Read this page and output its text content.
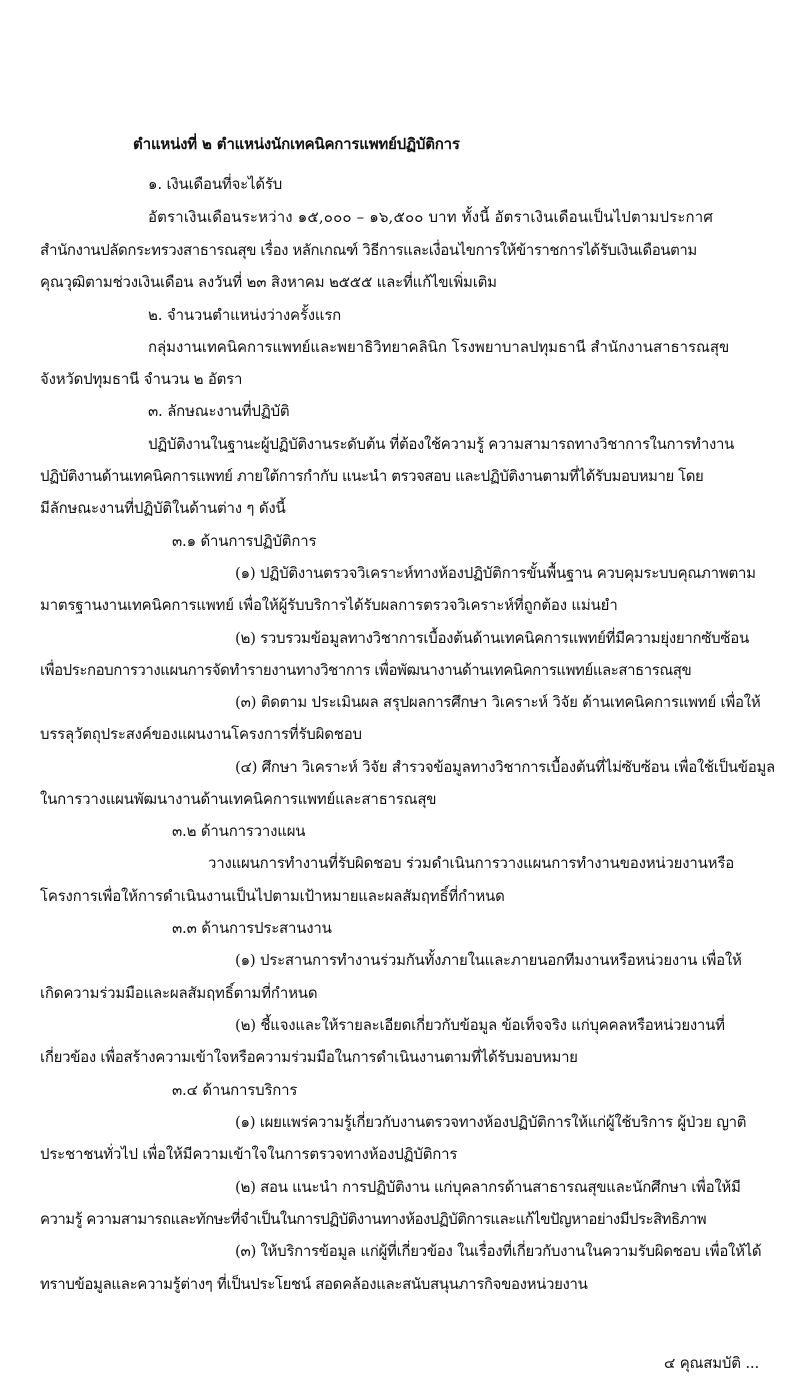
ตำแหน่งที่ ๒ ตำแหน่งนักเทคนิคการแพทย์ปฏิบัติการ
๑. เงินเดือนที่จะได้รับ
อัตราเงินเดือนระหว่าง ๑๕,๐๐๐ – ๑๖,๕๐๐ บาท ทั้งนี้ อัตราเงินเดือนเป็นไปตามประกาศ
สำนักงานปลัดกระทรวงสาธารณสุข เรื่อง หลักเกณฑ์ วิธีการและเงื่อนไขการให้ข้าราชการได้รับเงินเดือนตาม
คุณวุฒิตามช่วงเงินเดือน ลงวันที่ ๒๓ สิงหาคม ๒๕๕๕ และที่แก้ไขเพิ่มเติม
๒. จำนวนตำแหน่งว่างครั้งแรก
กลุ่มงานเทคนิคการแพทย์และพยาธิวิทยาคลินิก โรงพยาบาลปทุมธานี สำนักงานสาธารณสุข
จังหวัดปทุมธานี จำนวน ๒ อัตรา
๓. ลักษณะงานที่ปฏิบัติ
ปฏิบัติงานในฐานะผู้ปฏิบัติงานระดับต้น ที่ต้องใช้ความรู้ ความสามารถทางวิชาการในการทำงาน
ปฏิบัติงานด้านเทคนิคการแพทย์ ภายใต้การกำกับ แนะนำ ตรวจสอบ และปฏิบัติงานตามที่ได้รับมอบหมาย โดย
มีลักษณะงานที่ปฏิบัติในด้านต่าง ๆ ดังนี้
๓.๑ ด้านการปฏิบัติการ
(๑) ปฏิบัติงานตรวจวิเคราะห์ทางห้องปฏิบัติการขั้นพื้นฐาน ควบคุมระบบคุณภาพตาม
มาตรฐานงานเทคนิคการแพทย์ เพื่อให้ผู้รับบริการได้รับผลการตรวจวิเคราะห์ที่ถูกต้อง แม่นยำ
(๒) รวบรวมข้อมูลทางวิชาการเบื้องต้นด้านเทคนิคการแพทย์ที่มีความยุ่งยากซับซ้อน
เพื่อประกอบการวางแผนการจัดทำรายงานทางวิชาการ เพื่อพัฒนางานด้านเทคนิคการแพทย์และสาธารณสุข
(๓) ติดตาม ประเมินผล สรุปผลการศึกษา วิเคราะห์ วิจัย ด้านเทคนิคการแพทย์ เพื่อให้
บรรลุวัตถุประสงค์ของแผนงานโครงการที่รับผิดชอบ
(๔) ศึกษา วิเคราะห์ วิจัย สำรวจข้อมูลทางวิชาการเบื้องต้นที่ไม่ซับซ้อน เพื่อใช้เป็นข้อมูล
ในการวางแผนพัฒนางานด้านเทคนิคการแพทย์และสาธารณสุข
๓.๒ ด้านการวางแผน
วางแผนการทำงานที่รับผิดชอบ ร่วมดำเนินการวางแผนการทำงานของหน่วยงานหรือ
โครงการเพื่อให้การดำเนินงานเป็นไปตามเป้าหมายและผลสัมฤทธิ์ที่กำหนด
๓.๓ ด้านการประสานงาน
(๑) ประสานการทำงานร่วมกันทั้งภายในและภายนอกทีมงานหรือหน่วยงาน เพื่อให้
เกิดความร่วมมือและผลสัมฤทธิ์ตามที่กำหนด
(๒) ชี้แจงและให้รายละเอียดเกี่ยวกับข้อมูล ข้อเท็จจริง แก่บุคคลหรือหน่วยงานที่
เกี่ยวข้อง เพื่อสร้างความเข้าใจหรือความร่วมมือในการดำเนินงานตามที่ได้รับมอบหมาย
๓.๔ ด้านการบริการ
(๑) เผยแพร่ความรู้เกี่ยวกับงานตรวจทางห้องปฏิบัติการให้แก่ผู้ใช้บริการ ผู้ป่วย ญาติ
ประชาชนทั่วไป เพื่อให้มีความเข้าใจในการตรวจทางห้องปฏิบัติการ
(๒) สอน แนะนำ การปฏิบัติงาน แก่บุคลากรด้านสาธารณสุขและนักศึกษา เพื่อให้มี
ความรู้ ความสามารถและทักษะที่จำเป็นในการปฏิบัติงานทางห้องปฏิบัติการและแก้ไขปัญหาอย่างมีประสิทธิภาพ
(๓) ให้บริการข้อมูล แก่ผู้ที่เกี่ยวข้อง ในเรื่องที่เกี่ยวกับงานในความรับผิดชอบ เพื่อให้ได้
ทราบข้อมูลและความรู้ต่างๆ ที่เป็นประโยชน์ สอดคล้องและสนับสนุนภารกิจของหน่วยงาน
๔ คุณสมบัติ ...
